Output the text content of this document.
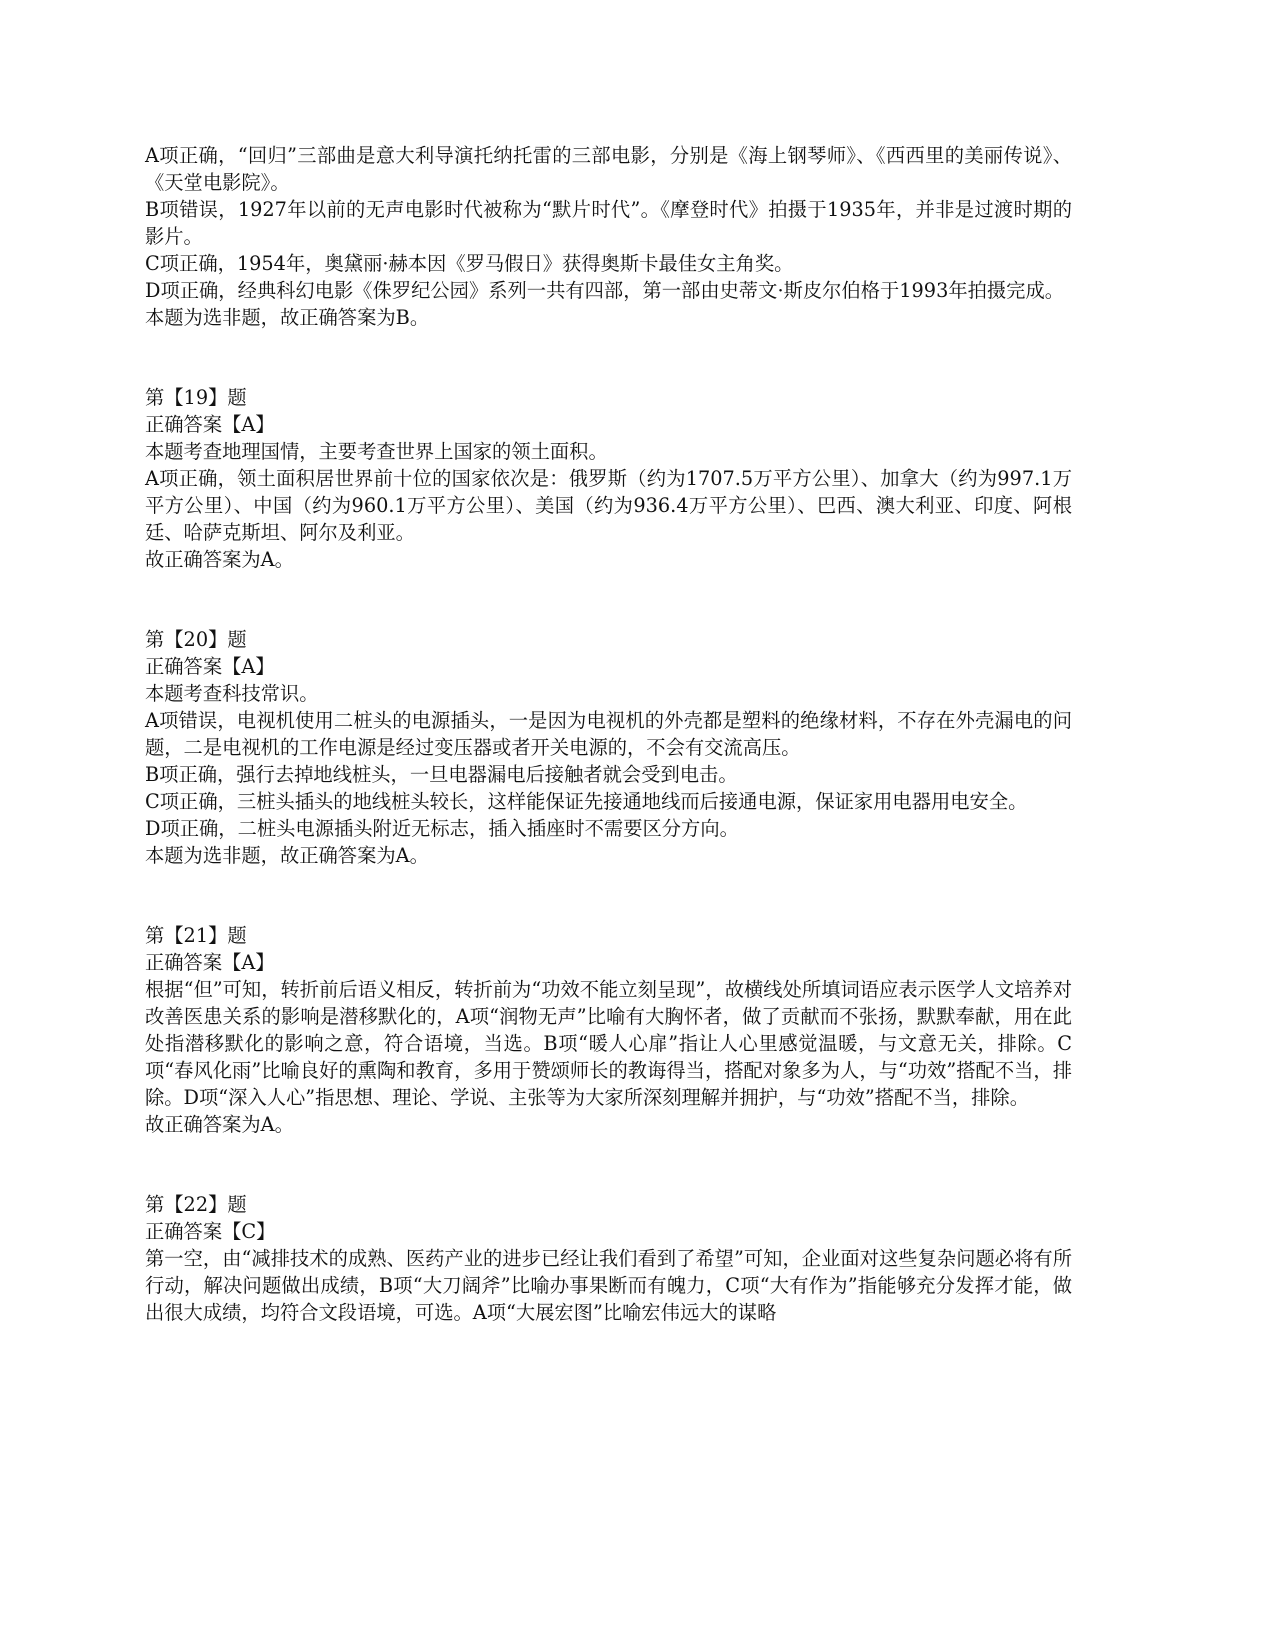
A项正确，“回归”三部曲是意大利导演托纳托雷的三部电影，分别是《海上钢琴师》、《西西里的美丽传说》、《天堂电影院》。

B项错误，1927年以前的无声电影时代被称为“默片时代”。《摩登时代》拍摄于1935年，并非是过渡时期的影片。

C项正确，1954年，奥黛丽·赫本因《罗马假日》获得奥斯卡最佳女主角奖。

D项正确，经典科幻电影《侏罗纪公园》系列一共有四部，第一部由史蒂文·斯皮尔伯格于1993年拍摄完成。

本题为选非题，故正确答案为B。

第【19】题

正确答案【A】

本题考查地理国情，主要考查世界上国家的领土面积。

A项正确，领土面积居世界前十位的国家依次是：俄罗斯（约为1707.5万平方公里）、加拿大（约为997.1万平方公里）、中国（约为960.1万平方公里）、美国（约为936.4万平方公里）、巴西、澳大利亚、印度、阿根廷、哈萨克斯坦、阿尔及利亚。

故正确答案为A。

第【20】题

正确答案【A】

本题考查科技常识。

A项错误，电视机使用二桩头的电源插头，一是因为电视机的外壳都是塑料的绝缘材料，不存在外壳漏电的问题，二是电视机的工作电源是经过变压器或者开关电源的，不会有交流高压。

B项正确，强行去掉地线桩头，一旦电器漏电后接触者就会受到电击。

C项正确，三桩头插头的地线桩头较长，这样能保证先接通地线而后接通电源，保证家用电器用电安全。

D项正确，二桩头电源插头附近无标志，插入插座时不需要区分方向。

本题为选非题，故正确答案为A。

第【21】题

正确答案【A】

根据“但”可知，转折前后语义相反，转折前为“功效不能立刻呈现”，故横线处所填词语应表示医学人文培养对改善医患关系的影响是潜移默化的，A项“润物无声”比喻有大胸怀者，做了贡献而不张扬，默默奉献，用在此处指潜移默化的影响之意，符合语境，当选。B项“暖人心扉”指让人心里感觉温暖，与文意无关，排除。C项“春风化雨”比喻良好的熏陶和教育，多用于赞颂师长的教诲得当，搭配对象多为人，与“功效”搭配不当，排除。D项“深入人心”指思想、理论、学说、主张等为大家所深刻理解并拥护，与“功效”搭配不当，排除。

故正确答案为A。

第【22】题

正确答案【C】

第一空，由“减排技术的成熟、医药产业的进步已经让我们看到了希望”可知，企业面对这些复杂问题必将有所行动，解决问题做出成绩，B项“大刀阔斧”比喻办事果断而有魄力，C项“大有作为”指能够充分发挥才能，做出很大成绩，均符合文段语境，可选。A项“大展宏图”比喻宏伟远大的谋略
